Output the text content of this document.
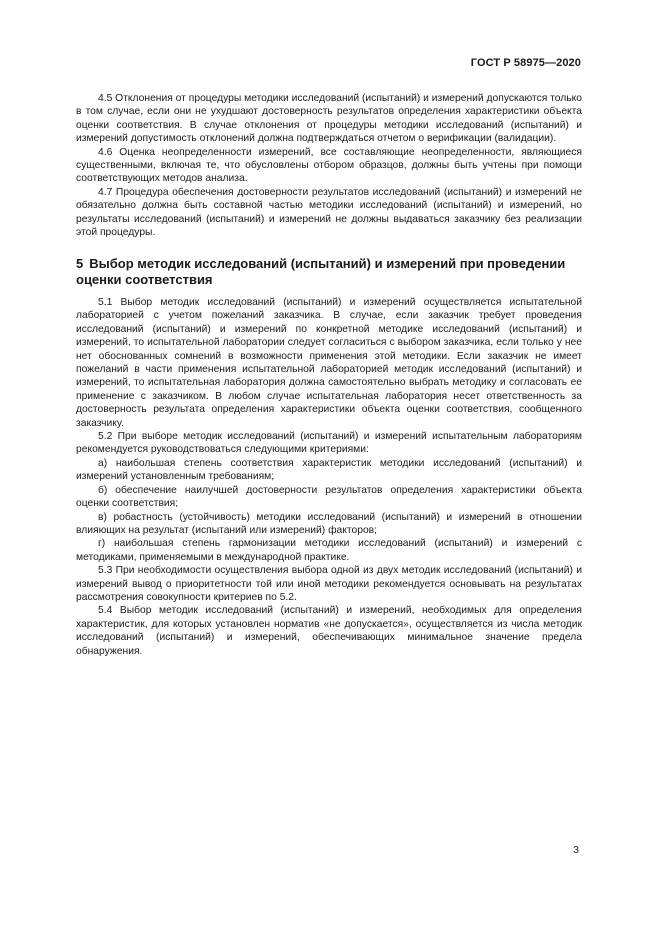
ГОСТ Р 58975—2020

4.5 Отклонения от процедуры методики исследований (испытаний) и измерений допускаются только в том случае, если они не ухудшают достоверность результатов определения характеристики объекта оценки соответствия. В случае отклонения от процедуры методики исследований (испытаний) и измерений допустимость отклонений должна подтверждаться отчетом о верификации (валидации).

4.6 Оценка неопределенности измерений, все составляющие неопределенности, являющиеся существенными, включая те, что обусловлены отбором образцов, должны быть учтены при помощи соответствующих методов анализа.

4.7 Процедура обеспечения достоверности результатов исследований (испытаний) и измерений не обязательно должна быть составной частью методики исследований (испытаний) и измерений, но результаты исследований (испытаний) и измерений не должны выдаваться заказчику без реализации этой процедуры.

5 Выбор методик исследований (испытаний) и измерений при проведении оценки соответствия

5.1 Выбор методик исследований (испытаний) и измерений осуществляется испытательной лабораторией с учетом пожеланий заказчика. В случае, если заказчик требует проведения исследований (испытаний) и измерений по конкретной методике исследований (испытаний) и измерений, то испытательной лаборатории следует согласиться с выбором заказчика, если только у нее нет обоснованных сомнений в возможности применения этой методики. Если заказчик не имеет пожеланий в части применения испытательной лабораторией методик исследований (испытаний) и измерений, то испытательная лаборатория должна самостоятельно выбрать методику и согласовать ее применение с заказчиком. В любом случае испытательная лаборатория несет ответственность за достоверность результата определения характеристики объекта оценки соответствия, сообщенного заказчику.

5.2 При выборе методик исследований (испытаний) и измерений испытательным лабораториям рекомендуется руководствоваться следующими критериями:

а) наибольшая степень соответствия характеристик методики исследований (испытаний) и измерений установленным требованиям;

б) обеспечение наилучшей достоверности результатов определения характеристики объекта оценки соответствия;

в) робастность (устойчивость) методики исследований (испытаний) и измерений в отношении влияющих на результат (испытаний или измерений) факторов;

г) наибольшая степень гармонизации методики исследований (испытаний) и измерений с методиками, применяемыми в международной практике.

5.3 При необходимости осуществления выбора одной из двух методик исследований (испытаний) и измерений вывод о приоритетности той или иной методики рекомендуется основывать на результатах рассмотрения совокупности критериев по 5.2.

5.4 Выбор методик исследований (испытаний) и измерений, необходимых для определения характеристик, для которых установлен норматив «не допускается», осуществляется из числа методик исследований (испытаний) и измерений, обеспечивающих минимальное значение предела обнаружения.

3
